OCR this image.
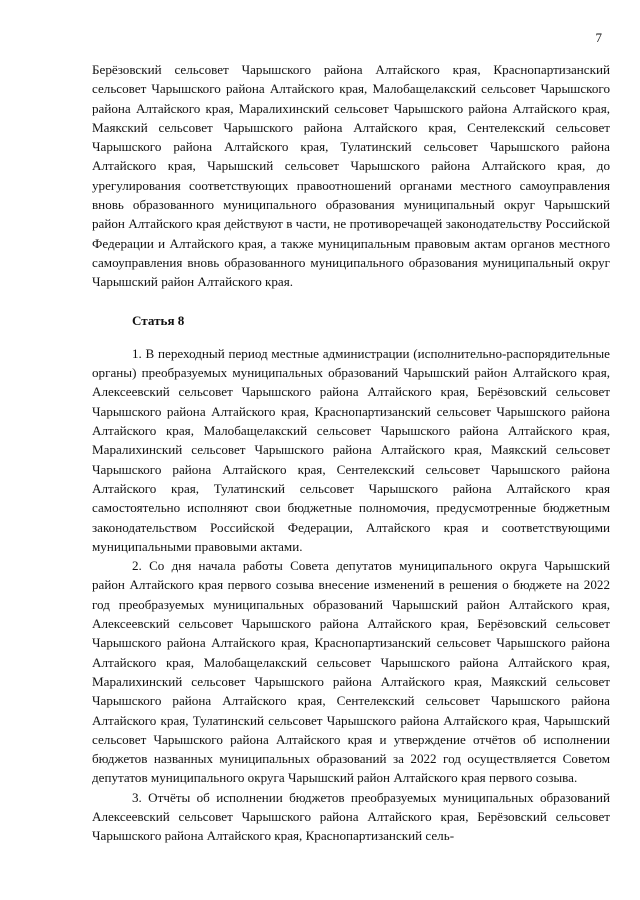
7

Берёзовский сельсовет Чарышского района Алтайского края, Краснопартизанский сельсовет Чарышского района Алтайского края, Малобащелакский сельсовет Чарышского района Алтайского края, Маралихинский сельсовет Чарышского района Алтайского края, Маякский сельсовет Чарышского района Алтайского края, Сентелекский сельсовет Чарышского района Алтайского края, Тулатинский сельсовет Чарышского района Алтайского края, Чарышский сельсовет Чарышского района Алтайского края, до урегулирования соответствующих правоотношений органами местного самоуправления вновь образованного муниципального образования муниципальный округ Чарышский район Алтайского края действуют в части, не противоречащей законодательству Российской Федерации и Алтайского края, а также муниципальным правовым актам органов местного самоуправления вновь образованного муниципального образования муниципальный округ Чарышский район Алтайского края.

Статья 8

1. В переходный период местные администрации (исполнительно-распорядительные органы) преобразуемых муниципальных образований Чарышский район Алтайского края, Алексеевский сельсовет Чарышского района Алтайского края, Берёзовский сельсовет Чарышского района Алтайского края, Краснопартизанский сельсовет Чарышского района Алтайского края, Малобащелакский сельсовет Чарышского района Алтайского края, Маралихинский сельсовет Чарышского района Алтайского края, Маякский сельсовет Чарышского района Алтайского края, Сентелекский сельсовет Чарышского района Алтайского края, Тулатинский сельсовет Чарышского района Алтайского края самостоятельно исполняют свои бюджетные полномочия, предусмотренные бюджетным законодательством Российской Федерации, Алтайского края и соответствующими муниципальными правовыми актами.

2. Со дня начала работы Совета депутатов муниципального округа Чарышский район Алтайского края первого созыва внесение изменений в решения о бюджете на 2022 год преобразуемых муниципальных образований Чарышский район Алтайского края, Алексеевский сельсовет Чарышского района Алтайского края, Берёзовский сельсовет Чарышского района Алтайского края, Краснопартизанский сельсовет Чарышского района Алтайского края, Малобащелакский сельсовет Чарышского района Алтайского края, Маралихинский сельсовет Чарышского района Алтайского края, Маякский сельсовет Чарышского района Алтайского края, Сентелекский сельсовет Чарышского района Алтайского края, Тулатинский сельсовет Чарышского района Алтайского края, Чарышский сельсовет Чарышского района Алтайского края и утверждение отчётов об исполнении бюджетов названных муниципальных образований за 2022 год осуществляется Советом депутатов муниципального округа Чарышский район Алтайского края первого созыва.

3. Отчёты об исполнении бюджетов преобразуемых муниципальных образований Алексеевский сельсовет Чарышского района Алтайского края, Берёзовский сельсовет Чарышского района Алтайского края, Краснопартизанский сель-
